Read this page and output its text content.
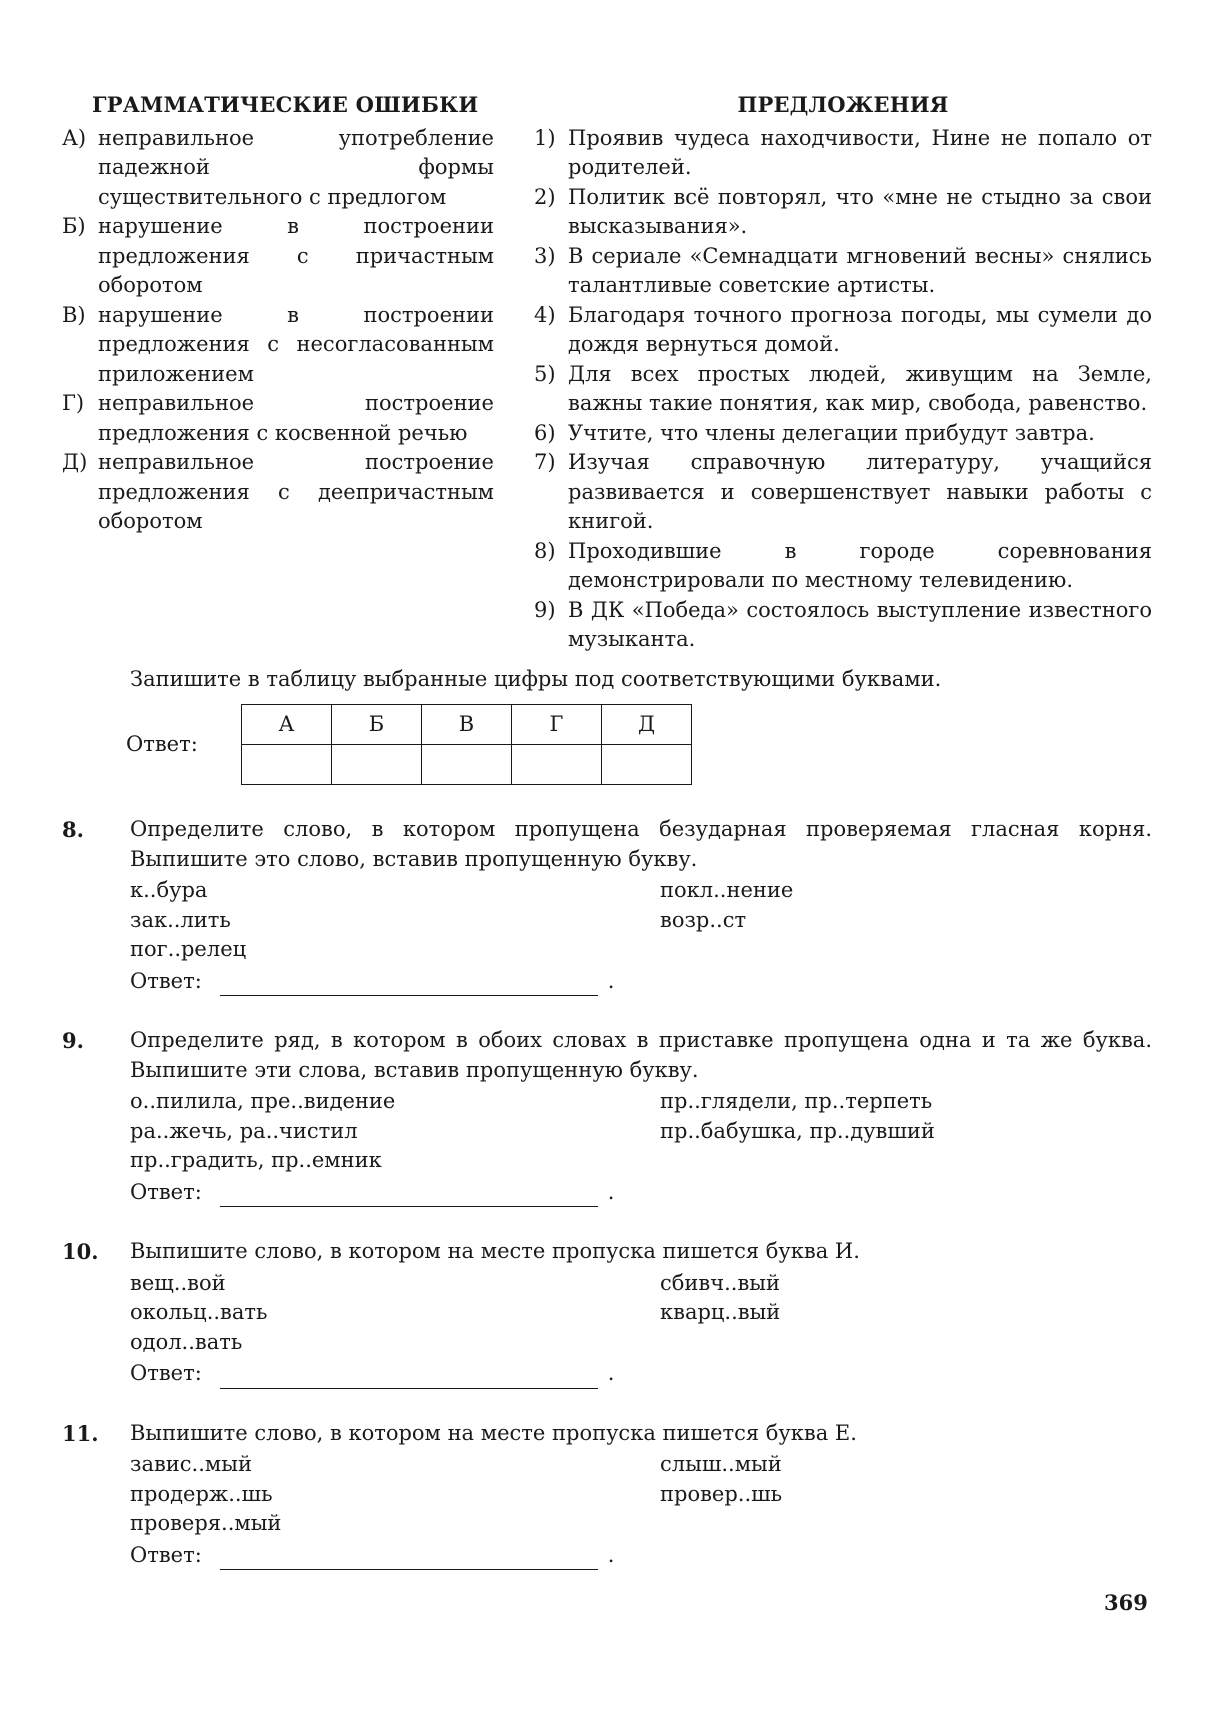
ГРАММАТИЧЕСКИЕ ОШИБКИ
А) неправильное употребление падежной формы существительного с предлогом
Б) нарушение в построении предложения с причастным оборотом
В) нарушение в построении предложения с несогласованным приложением
Г) неправильное построение предложения с косвенной речью
Д) неправильное построение предложения с деепричастным оборотом
ПРЕДЛОЖЕНИЯ
1) Проявив чудеса находчивости, Нине не попало от родителей.
2) Политик всё повторял, что «мне не стыдно за свои высказывания».
3) В сериале «Семнадцати мгновений весны» снялись талантливые советские артисты.
4) Благодаря точного прогноза погоды, мы сумели до дождя вернуться домой.
5) Для всех простых людей, живущим на Земле, важны такие понятия, как мир, свобода, равенство.
6) Учтите, что члены делегации прибудут завтра.
7) Изучая справочную литературу, учащийся развивается и совершенствует навыки работы с книгой.
8) Проходившие в городе соревнования демонстрировали по местному телевидению.
9) В ДК «Победа» состоялось выступление известного музыканта.
Запишите в таблицу выбранные цифры под соответствующими буквами.
Ответ:
А	Б	В	Г	Д

8.	Определите слово, в котором пропущена безударная проверяемая гласная корня. Выпишите это слово, вставив пропущенную букву.
к..бура
зак..лить
пог..релец
покл..нение
возр..ст
Ответ:	.
9.	Определите ряд, в котором в обоих словах в приставке пропущена одна и та же буква. Выпишите эти слова, вставив пропущенную букву.
о..пилила, пре..видение
ра..жечь, ра..чистил
пр..градить, пр..емник
пр..глядели, пр..терпеть
пр..бабушка, пр..дувший
Ответ:	.
10.	Выпишите слово, в котором на месте пропуска пишется буква И.
вещ..вой
окольц..вать
одол..вать
сбивч..вый
кварц..вый
Ответ:	.
11.	Выпишите слово, в котором на месте пропуска пишется буква Е.
завис..мый
продерж..шь
проверя..мый
слыш..мый
провер..шь
Ответ:	.
369
